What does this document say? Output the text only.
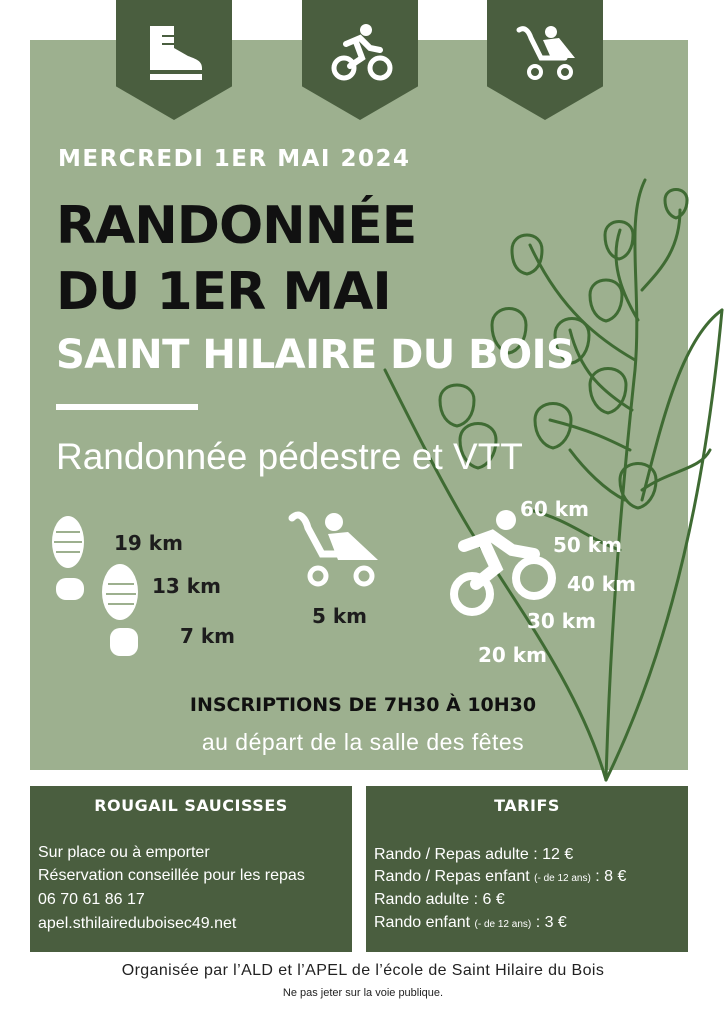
MERCREDI 1ER MAI 2024
RANDONNÉE
DU 1ER MAI
SAINT HILAIRE DU BOIS
Randonnée pédestre et VTT
19 km
13 km
7 km
5 km
60 km
50 km
40 km
30 km
20 km
INSCRIPTIONS DE 7H30 À 10H30
au départ de la salle des fêtes
ROUGAIL SAUCISSES
Sur place ou à emporter
Réservation conseillée pour les repas
06 70 61 86 17
apel.sthilaireduboisec49.net
TARIFS
Rando / Repas adulte : 12 €
Rando / Repas enfant (- de 12 ans) : 8 €
Rando adulte : 6 €
Rando enfant (- de 12 ans) : 3 €
Organisée par l’ALD et l’APEL de l’école de Saint Hilaire du Bois
Ne pas jeter sur la voie publique.
